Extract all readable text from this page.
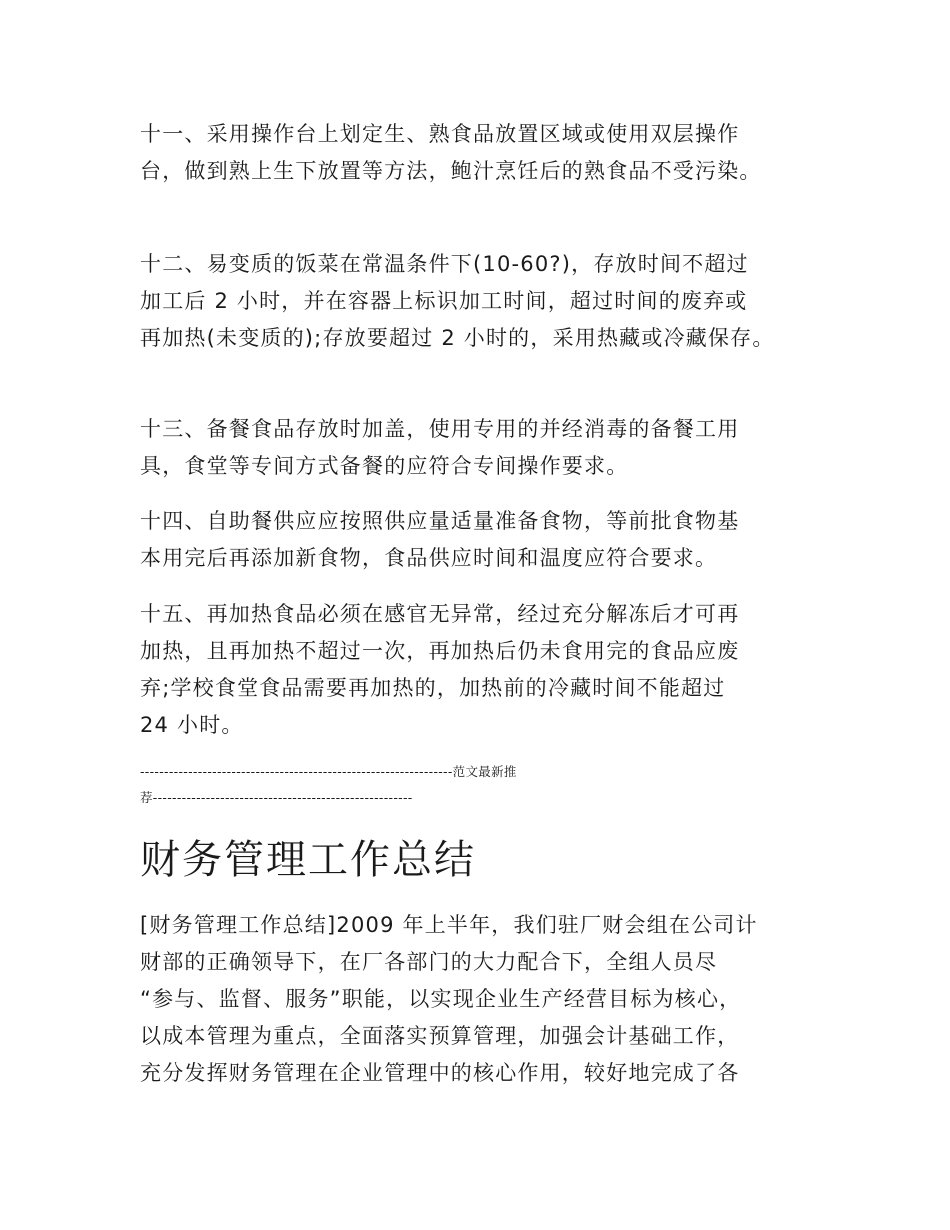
十一、采用操作台上划定生、熟食品放置区域或使用双层操作
台，做到熟上生下放置等方法，鲍汁烹饪后的熟食品不受污染。
十二、易变质的饭菜在常温条件下(10-60?)，存放时间不超过
加工后 2 小时，并在容器上标识加工时间，超过时间的废弃或
再加热(未变质的);存放要超过 2 小时的，采用热藏或冷藏保存。
十三、备餐食品存放时加盖，使用专用的并经消毒的备餐工用
具，食堂等专间方式备餐的应符合专间操作要求。
十四、自助餐供应应按照供应量适量准备食物，等前批食物基
本用完后再添加新食物，食品供应时间和温度应符合要求。
十五、再加热食品必须在感官无异常，经过充分解冻后才可再
加热，且再加热不超过一次，再加热后仍未食用完的食品应废
弃;学校食堂食品需要再加热的，加热前的冷藏时间不能超过
24 小时。
-----------------------------------------------------------------范文最新推
荐------------------------------------------------------
财务管理工作总结
[财务管理工作总结]2009 年上半年，我们驻厂财会组在公司计
财部的正确领导下，在厂各部门的大力配合下，全组人员尽
“参与、监督、服务”职能，以实现企业生产经营目标为核心，
以成本管理为重点，全面落实预算管理，加强会计基础工作，
充分发挥财务管理在企业管理中的核心作用，较好地完成了各
